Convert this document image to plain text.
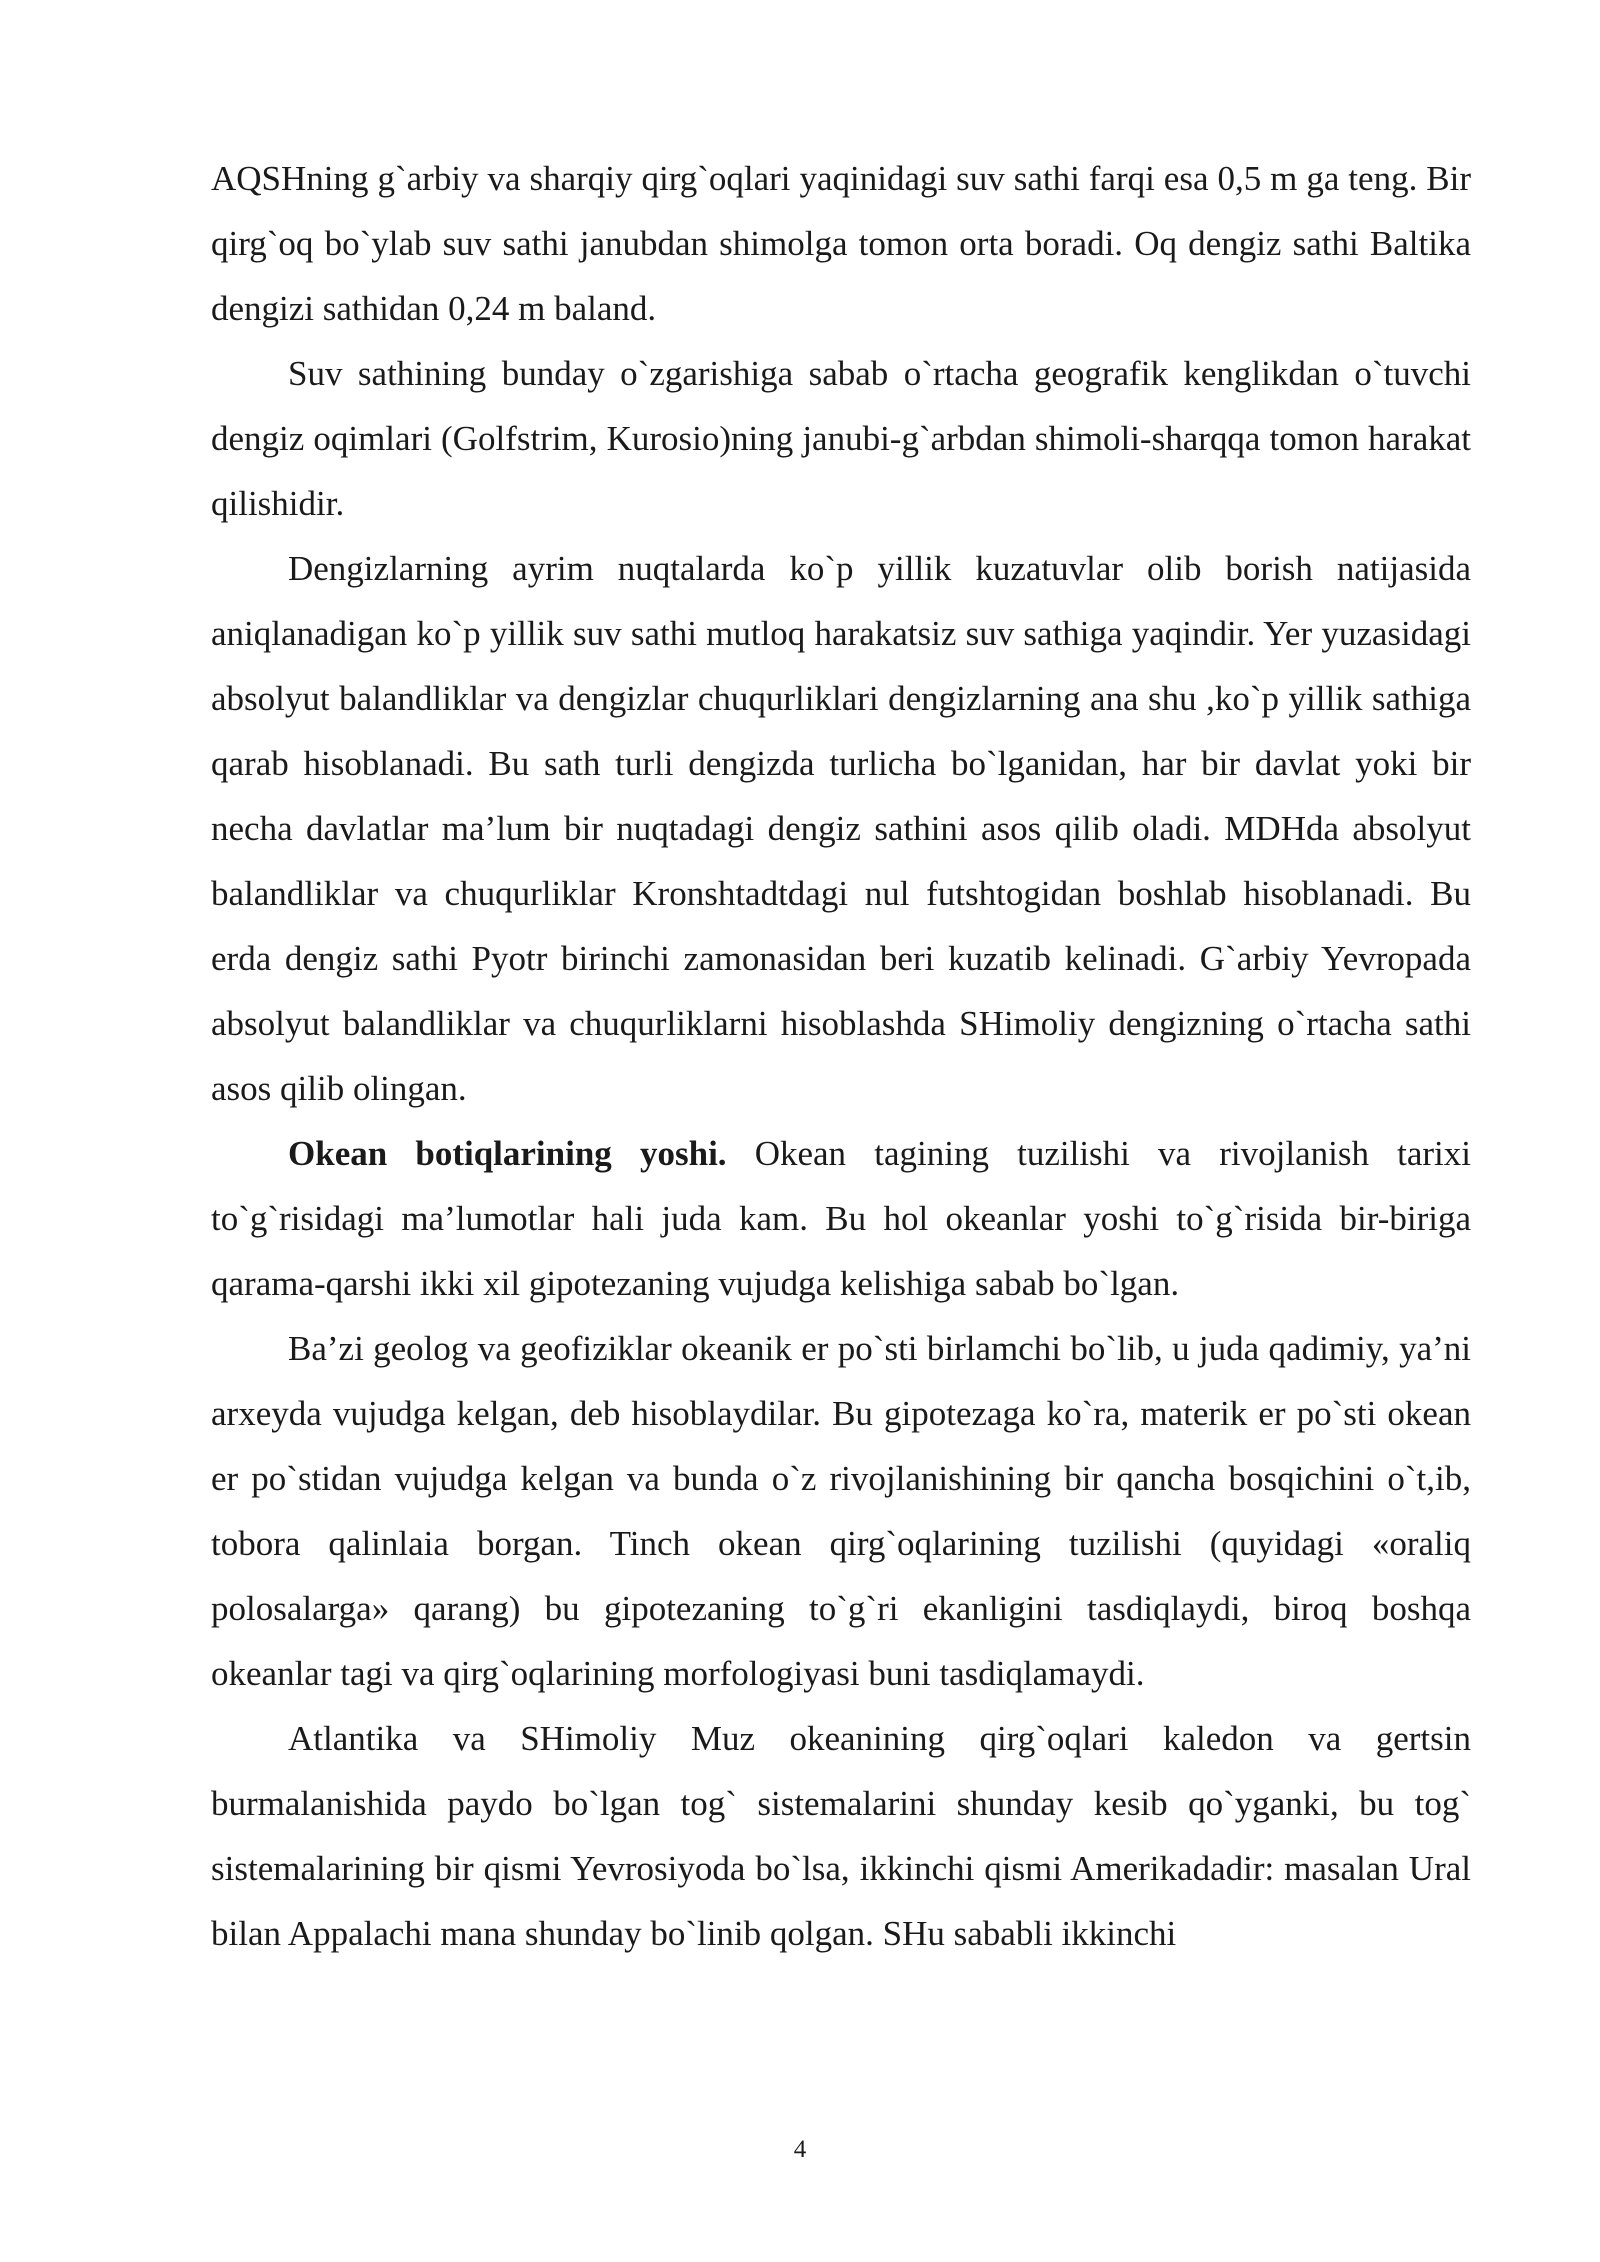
AQSHning g`arbiy va sharqiy qirg`oqlari yaqinidagi suv sathi farqi esa 0,5 m ga teng. Bir qirg`oq bo`ylab suv sathi janubdan shimolga tomon orta boradi. Oq dengiz sathi Baltika dengizi sathidan 0,24 m baland.

Suv sathining bunday o`zgarishiga sabab o`rtacha geografik kenglikdan o`tuvchi dengiz oqimlari (Golfstrim, Kurosio)ning janubi-g`arbdan shimoli-sharqqa tomon harakat qilishidir.

Dengizlarning ayrim nuqtalarda ko`p yillik kuzatuvlar olib borish natijasida aniqlanadigan ko`p yillik suv sathi mutloq harakatsiz suv sathiga yaqindir. Yer yuzasidagi absolyut balandliklar va dengizlar chuqurliklari dengizlarning ana shu ,ko`p yillik sathiga qarab hisoblanadi. Bu sath turli dengizda turlicha bo`lganidan, har bir davlat yoki bir necha davlatlar ma’lum bir nuqtadagi dengiz sathini asos qilib oladi. MDHda absolyut balandliklar va chuqurliklar Kronshtadtdagi nul futshtogidan boshlab hisoblanadi. Bu erda dengiz sathi Pyotr birinchi zamonasidan beri kuzatib kelinadi. G`arbiy Yevropada absolyut balandliklar va chuqurliklarni hisoblashda SHimoliy dengizning o`rtacha sathi asos qilib olingan.

Okean botiqlarining yoshi. Okean tagining tuzilishi va rivojlanish tarixi to`g`risidagi ma’lumotlar hali juda kam. Bu hol okeanlar yoshi to`g`risida bir-biriga qarama-qarshi ikki xil gipotezaning vujudga kelishiga sabab bo`lgan.

Ba’zi geolog va geofiziklar okeanik er po`sti birlamchi bo`lib, u juda qadimiy, ya’ni arxeyda vujudga kelgan, deb hisoblaydilar. Bu gipotezaga ko`ra, materik er po`sti okean er po`stidan vujudga kelgan va bunda o`z rivojlanishining bir qancha bosqichini o`t,ib, tobora qalinlaia borgan. Tinch okean qirg`oqlarining tuzilishi (quyidagi «oraliq polosalarga» qarang) bu gipotezaning to`g`ri ekanligini tasdiqlaydi, biroq boshqa okeanlar tagi va qirg`oqlarining morfologiyasi buni tasdiqlamaydi.

Atlantika va SHimoliy Muz okeanining qirg`oqlari kaledon va gertsin burmalanishida paydo bo`lgan tog` sistemalarini shunday kesib qo`yganki, bu tog` sistemalarining bir qismi Yevrosiyoda bo`lsa, ikkinchi qismi Amerikadadir: masalan Ural bilan Appalachi mana shunday bo`linib qolgan. SHu sababli ikkinchi

4
